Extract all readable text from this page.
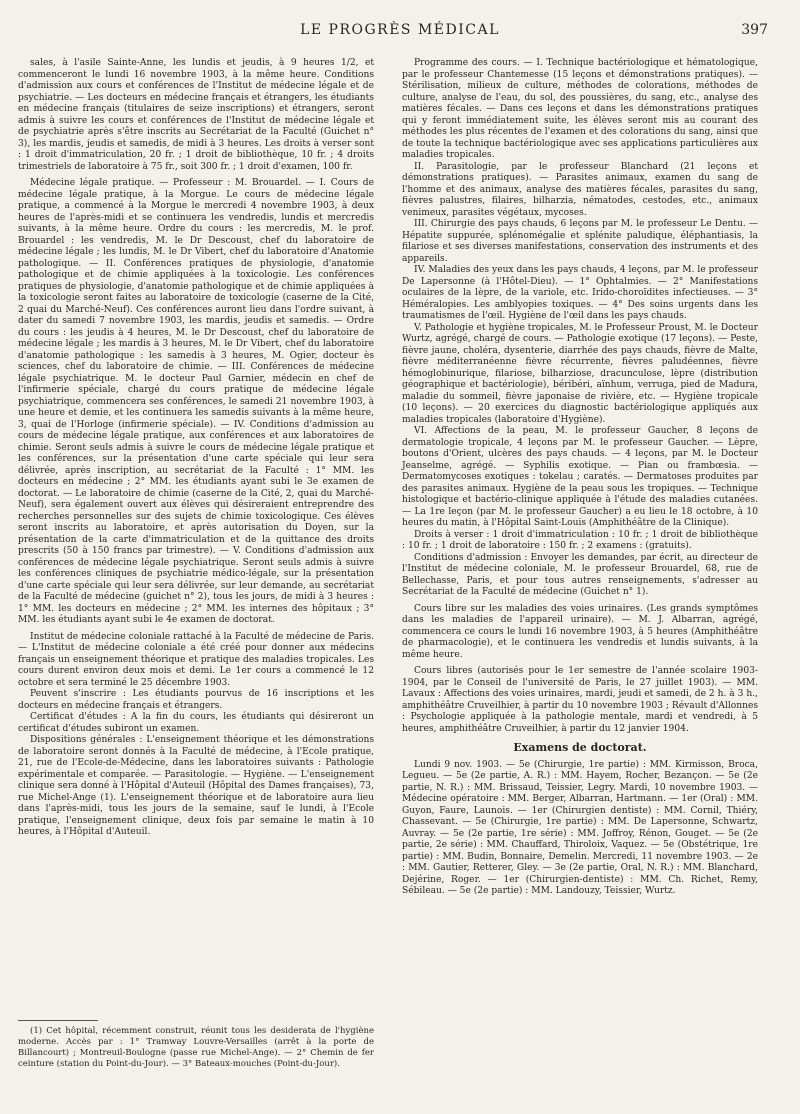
LE PROGRÈS MÉDICAL	397

sales, à l'asile Sainte-Anne, les lundis et jeudis, à 9 heures 1/2, et commenceront le lundi 16 novembre 1903, à la même heure. Conditions d'admission aux cours et conférences de l'Institut de médecine légale et de psychiatrie. — Les docteurs en médecine français et étrangers, les étudiants en médecine français (titulaires de seize inscriptions) et étrangers, seront admis à suivre les cours et conférences de l'Institut de médecine légale et de psychiatrie après s'être inscrits au Secrétariat de la Faculté (Guichet n° 3), les mardis, jeudis et samedis, de midi à 3 heures. Les droits à verser sont : 1 droit d'immatriculation, 20 fr. ; 1 droit de bibliothèque, 10 fr. ; 4 droits trimestriels de laboratoire à 75 fr., soit 300 fr. ; 1 droit d'examen, 100 fr.

Médecine légale pratique. — Professeur : M. Brouardel. — I. Cours de médecine légale pratique, à la Morgue. Le cours de médecine légale pratique, a commencé à la Morgue le mercredi 4 novembre 1903, à deux heures de l'après-midi et se continuera les vendredis, lundis et mercredis suivants, à la même heure. Ordre du cours : les mercredis, M. le prof. Brouardel : les vendredis, M. le Dr Descoust, chef du laboratoire de médecine légale ; les lundis, M. le Dr Vibert, chef du laboratoire d'Anatomie pathologique. — II. Conférences pratiques de physiologie, d'anatomie pathologique et de chimie appliquées à la toxicologie. Les conférences pratiques de physiologie, d'anatomie pathologique et de chimie appliquées à la toxicologie seront faites au laboratoire de toxicologie (caserne de la Cité, 2 quai du Marché-Neuf). Ces conférences auront lieu dans l'ordre suivant, à dater du samedi 7 novembre 1903, les mardis, jeudis et samedis. — Ordre du cours : les jeudis à 4 heures, M. le Dr Descoust, chef du laboratoire de médecine légale ; les mardis à 3 heures, M. le Dr Vibert, chef du laboratoire d'anatomie pathologique : les samedis à 3 heures, M. Ogier, docteur ès sciences, chef du laboratoire de chimie. — III. Conférences de médecine légale psychiatrique. M. le docteur Paul Garnier, médecin en chef de l'infirmerie spéciale, chargé du cours pratique de médecine légale psychiatrique, commencera ses conférences, le samedi 21 novembre 1903, à une heure et demie, et les continuera les samedis suivants à la même heure, 3, quai de l'Horloge (infirmerie spéciale). — IV. Conditions d'admission au cours de médecine légale pratique, aux conférences et aux laboratoires de chimie. Seront seuls admis à suivre le cours de médecine légale pratique et les conférences, sur la présentation d'une carte spéciale qui leur sera délivrée, après inscription, au secrétariat de la Faculté : 1° MM. les docteurs en médecine ; 2° MM. les étudiants ayant subi le 3e examen de doctorat. — Le laboratoire de chimie (caserne de la Cité, 2, quai du Marché-Neuf), sera également ouvert aux élèves qui désireraient entreprendre des recherches personnelles sur des sujets de chimie toxicologique. Ces élèves seront inscrits au laboratoire, et après autorisation du Doyen, sur la présentation de la carte d'immatriculation et de la quittance des droits prescrits (50 à 150 francs par trimestre). — V. Conditions d'admission aux conférences de médecine légale psychiatrique. Seront seuls admis à suivre les conférences cliniques de psychiatrie médico-légale, sur la présentation d'une carte spéciale qui leur sera délivrée, sur leur demande, au secrétariat de la Faculté de médecine (guichet n° 2), tous les jours, de midi à 3 heures : 1° MM. les docteurs en médecine ; 2° MM. les internes des hôpitaux ; 3° MM. les étudiants ayant subi le 4e examen de doctorat.

Institut de médecine coloniale rattaché à la Faculté de médecine de Paris. — L'Institut de médecine coloniale a été créé pour donner aux médecins français un enseignement théorique et pratique des maladies tropicales. Les cours durent environ deux mois et demi. Le 1er cours a commencé le 12 octobre et sera terminé le 25 décembre 1903.

Peuvent s'inscrire : Les étudiants pourvus de 16 inscriptions et les docteurs en médecine français et étrangers.

Certificat d'études : A la fin du cours, les étudiants qui désireront un certificat d'études subiront un examen.

Dispositions générales : L'enseignement théorique et les démonstrations de laboratoire seront donnés à la Faculté de médecine, à l'Ecole pratique, 21, rue de l'Ecole-de-Médecine, dans les laboratoires suivants : Pathologie expérimentale et comparée. — Parasitologie. — Hygiène. — L'enseignement clinique sera donné à l'Hôpital d'Auteuil (Hôpital des Dames françaises), 73, rue Michel-Ange (1). L'enseignement théorique et de laboratoire aura lieu dans l'après-midi, tous les jours de la semaine, sauf le lundi, à l'Ecole pratique, l'enseignement clinique, deux fois par semaine le matin à 10 heures, à l'Hôpital d'Auteuil.

(1) Cet hôpital, récemment construit, réunit tous les desiderata de l'hygiène moderne. Accès par : 1° Tramway Louvre-Versailles (arrêt à la porte de Billancourt) ; Montreuil-Boulogne (passe rue Michel-Ange). — 2° Chemin de fer ceinture (station du Point-du-Jour). — 3° Bateaux-mouches (Point-du-Jour).

Programme des cours. — I. Technique bactériologique et hématologique, par le professeur Chantemesse (15 leçons et démonstrations pratiques). — Stérilisation, milieux de culture, méthodes de colorations, méthodes de culture, analyse de l'eau, du sol, des poussières, du sang, etc., analyse des matières fécales. — Dans ces leçons et dans les démonstrations pratiques qui y feront immédiatement suite, les élèves seront mis au courant des méthodes les plus récentes de l'examen et des colorations du sang, ainsi que de toute la technique bactériologique avec ses applications particulières aux maladies tropicales.

II. Parasitologie, par le professeur Blanchard (21 leçons et démonstrations pratiques). — Parasites animaux, examen du sang de l'homme et des animaux, analyse des matières fécales, parasites du sang, fièvres palustres, filaires, bilharzia, nématodes, cestodes, etc., animaux venimeux, parasites végétaux, mycoses.

III. Chirurgie des pays chauds, 6 leçons par M. le professeur Le Dentu. — Hépatite suppurée, splénomégalie et splénite paludique, éléphantiasis, la filariose et ses diverses manifestations, conservation des instruments et des appareils.

IV. Maladies des yeux dans les pays chauds, 4 leçons, par M. le professeur De Lapersonne (à l'Hôtel-Dieu). — 1° Ophtalmies. — 2° Manifestations oculaires de la lèpre, de la variole, etc. Irido-choroïdites infectieuses. — 3° Héméralopies. Les amblyopies toxiques. — 4° Des soins urgents dans les traumatismes de l'œil. Hygiène de l'œil dans les pays chauds.

V. Pathologie et hygiène tropicales, M. le Professeur Proust, M. le Docteur Wurtz, agrégé, chargé de cours. — Pathologie exotique (17 leçons). — Peste, fièvre jaune, choléra, dysenterie, diarrhée des pays chauds, fièvre de Malte, fièvre méditerranéenne fièvre récurrente, fièvres paludéennes, fièvre hémoglobinurique, filariose, bilharziose, dracunculose, lèpre (distribution géographique et bactériologie), béribéri, aïnhum, verruga, pied de Madura, maladie du sommeil, fièvre japonaise de rivière, etc. — Hygiène tropicale (10 leçons). — 20 exercices du diagnostic bactériologique appliqués aux maladies tropicales (laboratoire d'Hygiène).

VI. Affections de la peau, M. le professeur Gaucher, 8 leçons de dermatologie tropicale, 4 leçons par M. le professeur Gaucher. — Lèpre, boutons d'Orient, ulcères des pays chauds. — 4 leçons, par M. le Docteur Jeanselme, agrégé. — Syphilis exotique. — Pian ou frambœsia. — Dermatomycoses exotiques : tokelau ; caratés. — Dermatoses produites par des parasites animaux. Hygiène de la peau sous les tropiques. — Technique histologique et bactério-clinique appliquée à l'étude des maladies cutanées. — La 1re leçon (par M. le professeur Gaucher) a eu lieu le 18 octobre, à 10 heures du matin, à l'Hôpital Saint-Louis (Amphithéâtre de la Clinique).

Droits à verser : 1 droit d'immatriculation : 10 fr. ; 1 droit de bibliothèque : 10 fr. ; 1 droit de laboratoire : 150 fr. ; 2 examens : (gratuits).

Conditions d'admission : Envoyer les demandes, par écrit, au directeur de l'Institut de médecine coloniale, M. le professeur Brouardel, 68, rue de Bellechasse, Paris, et pour tous autres renseignements, s'adresser au Secrétariat de la Faculté de médecine (Guichet n° 1).

Cours libre sur les maladies des voies urinaires. (Les grands symptômes dans les maladies de l'appareil urinaire). — M. J. Albarran, agrégé, commencera ce cours le lundi 16 novembre 1903, à 5 heures (Amphithéâtre de pharmacologie), et le continuera les vendredis et lundis suivants, à la même heure.

Cours libres (autorisés pour le 1er semestre de l'année scolaire 1903-1904, par le Conseil de l'université de Paris, le 27 juillet 1903). — MM. Lavaux : Affections des voies urinaires, mardi, jeudi et samedi, de 2 h. à 3 h., amphithéâtre Cruveilhier, à partir du 10 novembre 1903 ; Révault d'Allonnes : Psychologie appliquée à la pathologie mentale, mardi et vendredi, à 5 heures, amphithéâtre Cruveilhier, à partir du 12 janvier 1904.

Examens de doctorat.

Lundi 9 nov. 1903. — 5e (Chirurgie, 1re partie) : MM. Kirmisson, Broca, Legueu. — 5e (2e partie, A. R.) : MM. Hayem, Rocher, Bezançon. — 5e (2e partie, N. R.) : MM. Brissaud, Teissier, Legry. Mardi, 10 novembre 1903. — Médecine opératoire : MM. Berger, Albarran, Hartmann. — 1er (Oral) : MM. Guyon, Faure, Launois. — 1er (Chirurgien dentiste) : MM. Cornil, Thiéry, Chassevant. — 5e (Chirurgie, 1re partie) : MM. De Lapersonne, Schwartz, Auvray. — 5e (2e partie, 1re série) : MM. Joffroy, Rénon, Gouget. — 5e (2e partie, 2e série) : MM. Chauffard, Thiroloix, Vaquez. — 5e (Obstétrique, 1re partie) : MM. Budin, Bonnaire, Demelin. Mercredi, 11 novembre 1903. — 2e : MM. Gautier, Retterer, Gley. — 3e (2e partie, Oral, N. R.) : MM. Blanchard, Dejérine, Roger. — 1er (Chirurgien-dentiste) : MM. Ch. Richet, Remy, Sébileau. — 5e (2e partie) : MM. Landouzy, Teissier, Wurtz.
